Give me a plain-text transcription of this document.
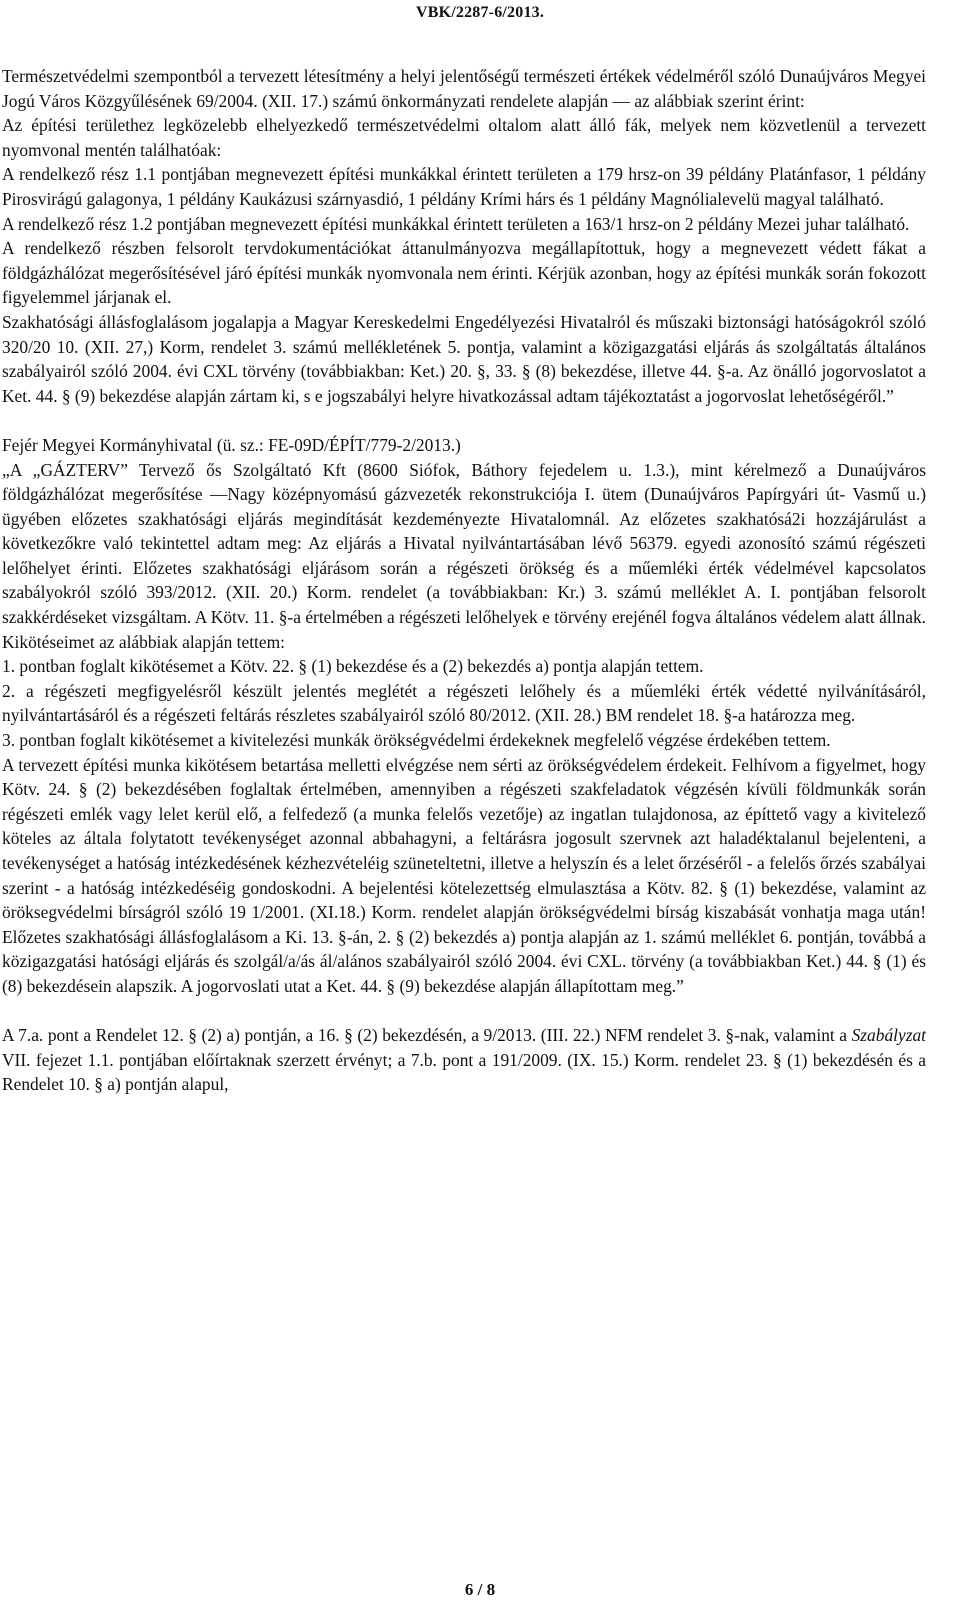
VBK/2287-6/2013.

Természetvédelmi szempontból a tervezett létesítmény a helyi jelentőségű természeti értékek védelméről szóló Dunaújváros Megyei Jogú Város Közgyűlésének 69/2004. (XII. 17.) számú önkormányzati rendelete alapján ― az alábbiak szerint érint:

Az építési területhez legközelebb elhelyezkedő természetvédelmi oltalom alatt álló fák, melyek nem közvetlenül a tervezett nyomvonal mentén találhatóak:

A rendelkező rész 1.1 pontjában megnevezett építési munkákkal érintett területen a 179 hrsz-on 39 példány Platánfasor, 1 példány Pirosvirágú galagonya, 1 példány Kaukázusi szárnyasdió, 1 példány Krími hárs és 1 példány Magnólialevelü magyal található.

A rendelkező rész 1.2 pontjában megnevezett építési munkákkal érintett területen a 163/1 hrsz-on 2 példány Mezei juhar található.

A rendelkező részben felsorolt tervdokumentációkat áttanulmányozva megállapítottuk, hogy a megnevezett védett fákat a földgázhálózat megerősítésével járó építési munkák nyomvonala nem érinti. Kérjük azonban, hogy az építési munkák során fokozott figyelemmel járjanak el.

Szakhatósági állásfoglalásom jogalapja a Magyar Kereskedelmi Engedélyezési Hivatalról és műszaki biztonsági hatóságokról szóló 320/20 10. (XII. 27,) Korm, rendelet 3. számú mellékletének 5. pontja, valamint a közigazgatási eljárás ás szolgáltatás általános szabályairól szóló 2004. évi CXL törvény (továbbiakban: Ket.) 20. §, 33. § (8) bekezdése, illetve 44. §-a. Az önálló jogorvoslatot a Ket. 44. § (9) bekezdése alapján zártam ki, s e jogszabályi helyre hivatkozással adtam tájékoztatást a jogorvoslat lehetőségéről.”

Fejér Megyei Kormányhivatal (ü. sz.: FE-09D/ÉPÍT/779-2/2013.)

„A „GÁZTERV” Tervező ős Szolgáltató Kft (8600 Siófok, Báthory fejedelem u. 1.3.), mint kérelmező a Dunaújváros földgázhálózat megerősítése ―Nagy középnyomású gázvezeték rekonstrukciója I. ütem (Dunaújváros Papírgyári út- Vasmű u.) ügyében előzetes szakhatósági eljárás megindítását kezdeményezte Hivatalomnál. Az előzetes szakhatósá2i hozzájárulást a következőkre való tekintettel adtam meg: Az eljárás a Hivatal nyilvántartásában lévő 56379. egyedi azonosító számú régészeti lelőhelyet érinti. Előzetes szakhatósági eljárásom során a régészeti örökség és a műemléki érték védelmével kapcsolatos szabályokról szóló 393/2012. (XII. 20.) Korm. rendelet (a továbbiakban: Kr.) 3. számú melléklet A. I. pontjában felsorolt szakkérdéseket vizsgáltam. A Kötv. 11. §-a értelmében a régészeti lelőhelyek e törvény erejénél fogva általános védelem alatt állnak. Kikötéseimet az alábbiak alapján tettem:

1. pontban foglalt kikötésemet a Kötv. 22. § (1) bekezdése és a (2) bekezdés a) pontja alapján tettem.

2. a régészeti megfigyelésről készült jelentés meglétét a régészeti lelőhely és a műemléki érték védetté nyilvánításáról, nyilvántartásáról és a régészeti feltárás részletes szabályairól szóló 80/2012. (XII. 28.) BM rendelet 18. §-a határozza meg.

3. pontban foglalt kikötésemet a kivitelezési munkák örökségvédelmi érdekeknek megfelelő végzése érdekében tettem.

A tervezett építési munka kikötésem betartása melletti elvégzése nem sérti az örökségvédelem érdekeit. Felhívom a figyelmet, hogy Kötv. 24. § (2) bekezdésében foglaltak értelmében, amennyiben a régészeti szakfeladatok végzésén kívüli földmunkák során régészeti emlék vagy lelet kerül elő, a felfedező (a munka felelős vezetője) az ingatlan tulajdonosa, az építtető vagy a kivitelező köteles az általa folytatott tevékenységet azonnal abbahagyni, a feltárásra jogosult szervnek azt haladéktalanul bejelenteni, a tevékenységet a hatóság intézkedésének kézhezvételéig szüneteltetni, illetve a helyszín és a lelet őrzéséről - a felelős őrzés szabályai szerint - a hatóság intézkedéséig gondoskodni. A bejelentési kötelezettség elmulasztása a Kötv. 82. § (1) bekezdése, valamint az öröksegvédelmi bírságról szóló 19 1/2001. (XI.18.) Korm. rendelet alapján örökségvédelmi bírság kiszabását vonhatja maga után! Előzetes szakhatósági állásfoglalásom a Ki. 13. §-án, 2. § (2) bekezdés a) pontja alapján az 1. számú melléklet 6. pontján, továbbá a közigazgatási hatósági eljárás és szolgál/a/ás ál/alános szabályairól szóló 2004. évi CXL. törvény (a továbbiakban Ket.) 44. § (1) és (8) bekezdésein alapszik. A jogorvoslati utat a Ket. 44. § (9) bekezdése alapján állapítottam meg.”

A 7.a. pont a Rendelet 12. § (2) a) pontján, a 16. § (2) bekezdésén, a 9/2013. (III. 22.) NFM rendelet 3. §-nak, valamint a Szabályzat VII. fejezet 1.1. pontjában előírtaknak szerzett érvényt; a 7.b. pont a 191/2009. (IX. 15.) Korm. rendelet 23. § (1) bekezdésén és a Rendelet 10. § a) pontján alapul,

6 / 8
